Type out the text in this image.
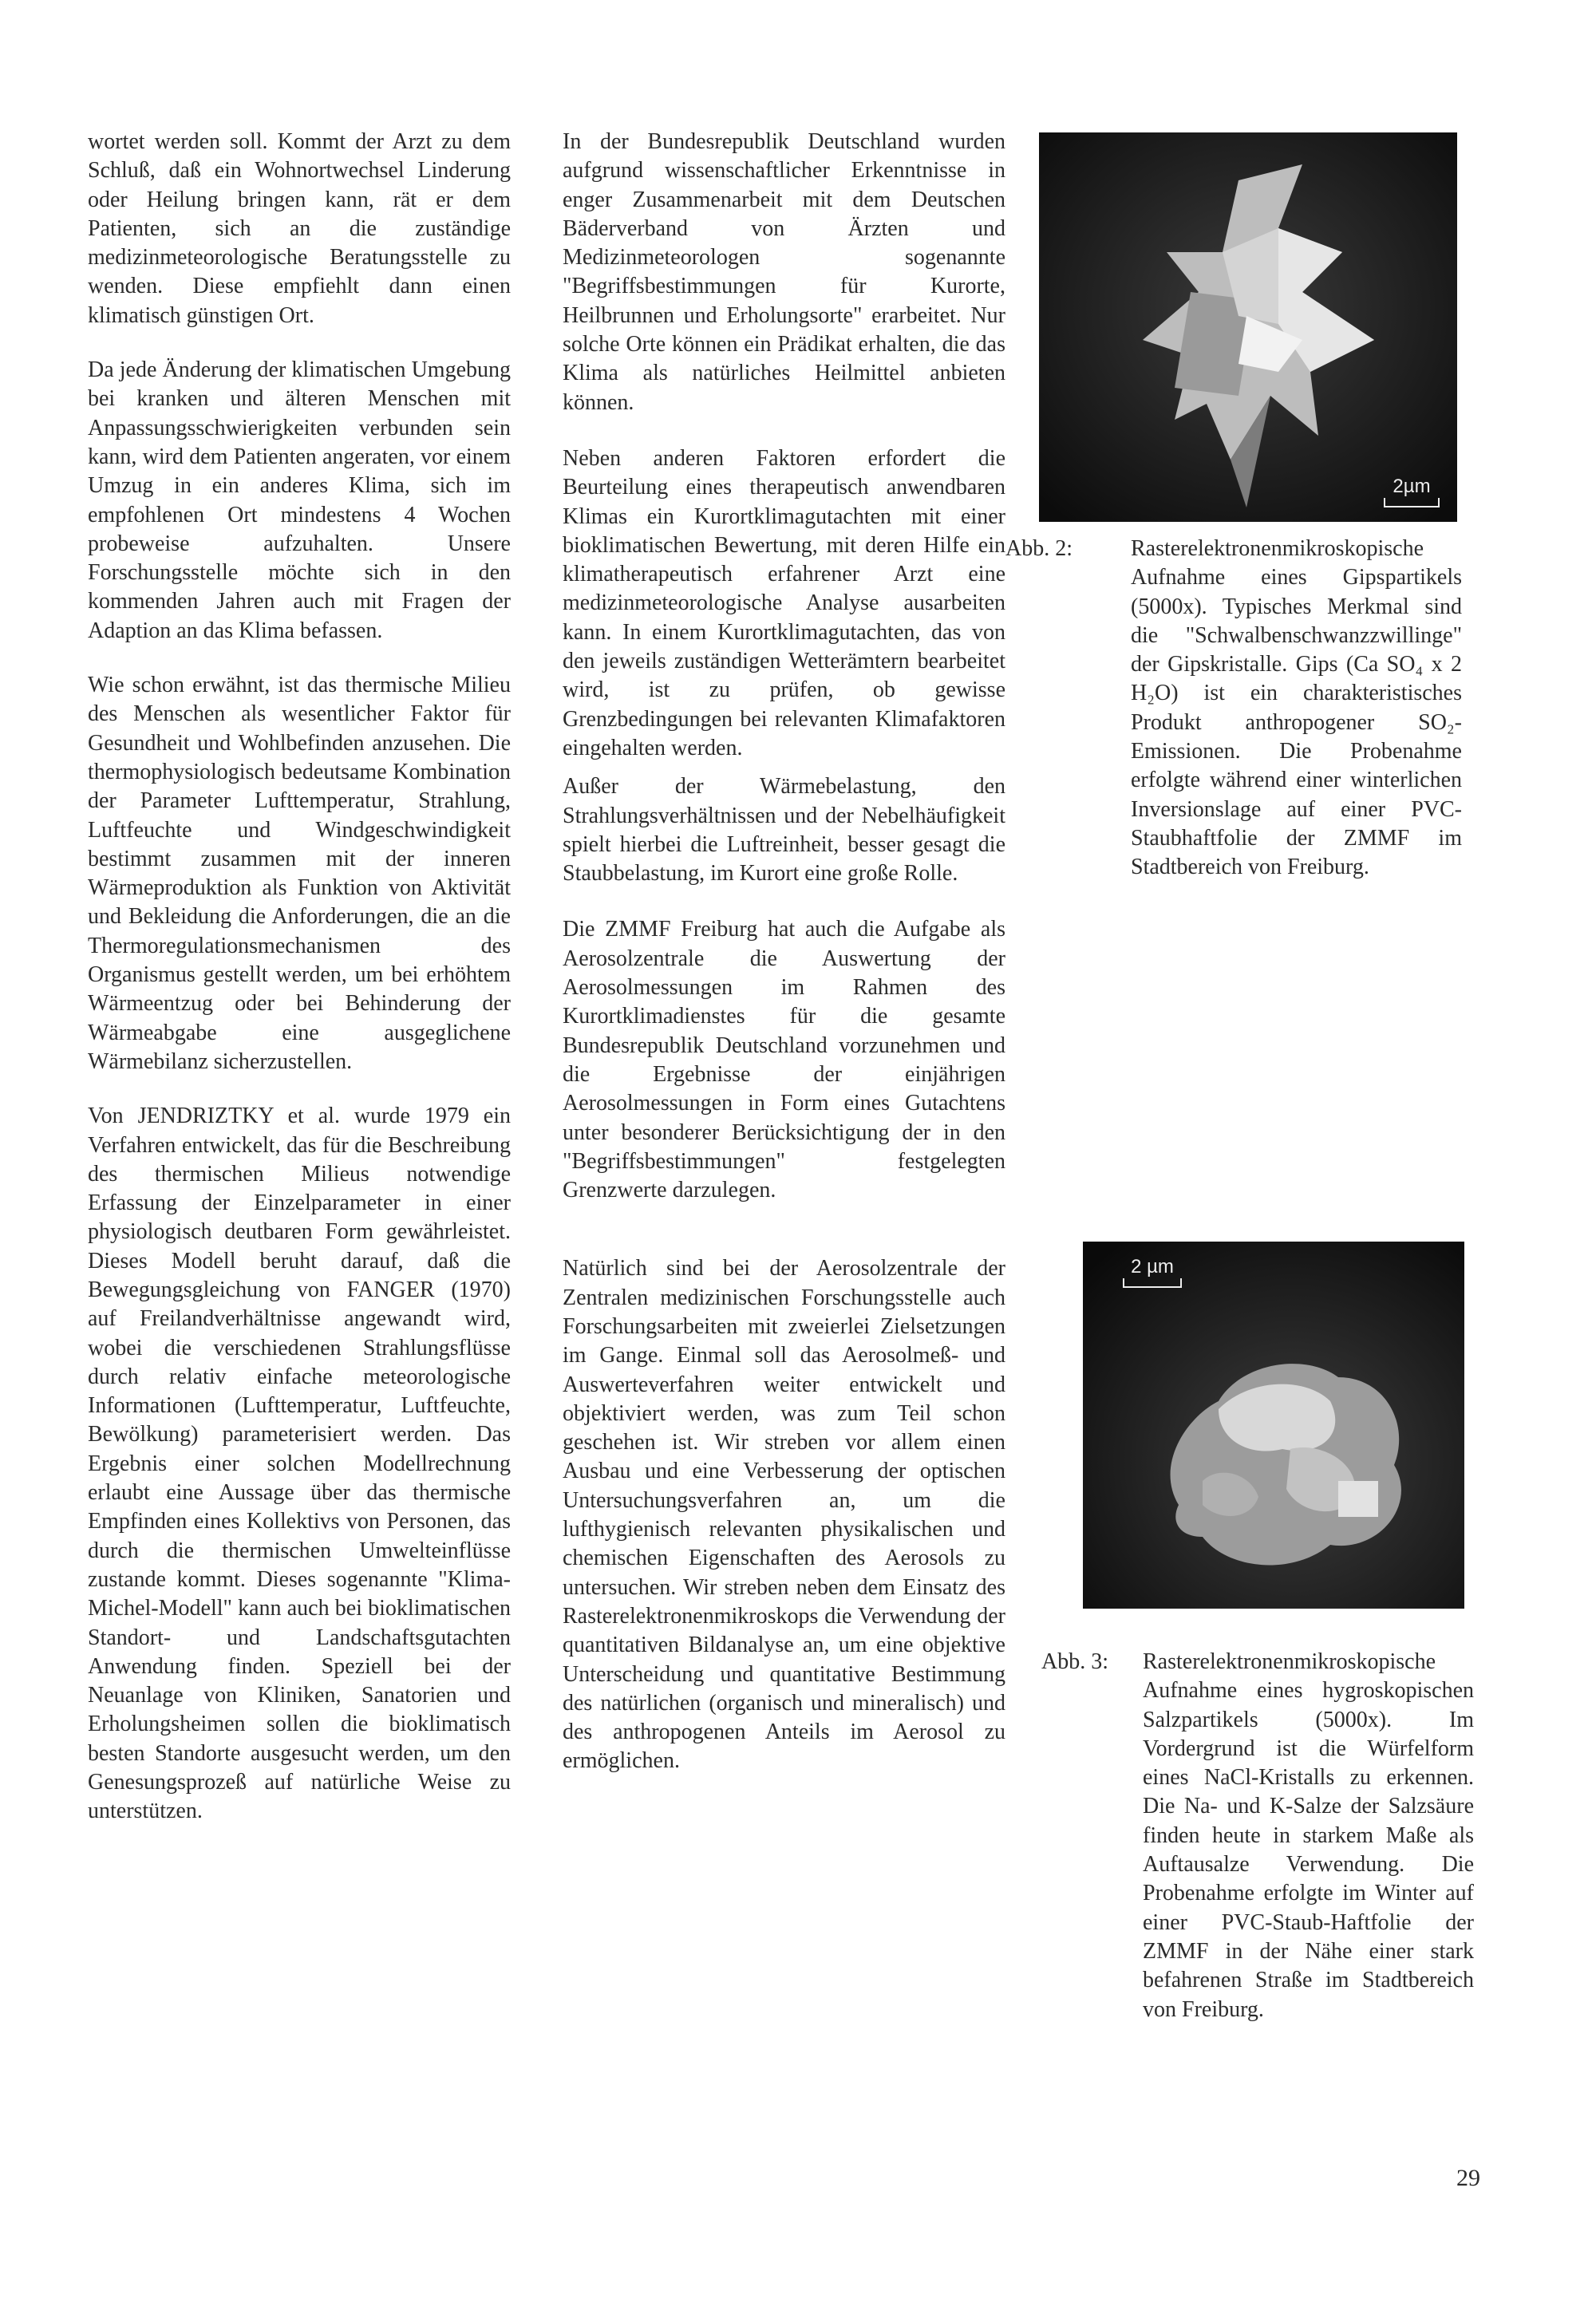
wortet werden soll. Kommt der Arzt zu dem Schluß, daß ein Wohnortwechsel Linderung oder Heilung bringen kann, rät er dem Patienten, sich an die zuständige medizinmeteorologische Beratungsstelle zu wenden. Diese empfiehlt dann einen klimatisch günstigen Ort.

Da jede Änderung der klimatischen Umgebung bei kranken und älteren Menschen mit Anpassungsschwierigkeiten verbunden sein kann, wird dem Patienten angeraten, vor einem Umzug in ein anderes Klima, sich im empfohlenen Ort mindestens 4 Wochen probeweise aufzuhalten. Unsere Forschungsstelle möchte sich in den kommenden Jahren auch mit Fragen der Adaption an das Klima befassen.

Wie schon erwähnt, ist das thermische Milieu des Menschen als wesentlicher Faktor für Gesundheit und Wohlbefinden anzusehen. Die thermophysiologisch bedeutsame Kombination der Parameter Lufttemperatur, Strahlung, Luftfeuchte und Windgeschwindigkeit bestimmt zusammen mit der inneren Wärmeproduktion als Funktion von Aktivität und Bekleidung die Anforderungen, die an die Thermoregulationsmechanismen des Organismus gestellt werden, um bei erhöhtem Wärmeentzug oder bei Behinderung der Wärmeabgabe eine ausgeglichene Wärmebilanz sicherzustellen.

Von JENDRIZTKY et al. wurde 1979 ein Verfahren entwickelt, das für die Beschreibung des thermischen Milieus notwendige Erfassung der Einzelparameter in einer physiologisch deutbaren Form gewährleistet. Dieses Modell beruht darauf, daß die Bewegungsgleichung von FANGER (1970) auf Freilandverhältnisse angewandt wird, wobei die verschiedenen Strahlungsflüsse durch relativ einfache meteorologische Informationen (Lufttemperatur, Luftfeuchte, Bewölkung) parameterisiert werden. Das Ergebnis einer solchen Modellrechnung erlaubt eine Aussage über das thermische Empfinden eines Kollektivs von Personen, das durch die thermischen Umwelteinflüsse zustande kommt. Dieses sogenannte "Klima-Michel-Modell" kann auch bei bioklimatischen Standort- und Landschaftsgutachten Anwendung finden. Speziell bei der Neuanlage von Kliniken, Sanatorien und Erholungsheimen sollen die bioklimatisch besten Standorte ausgesucht werden, um den Genesungsprozeß auf natürliche Weise zu unterstützen.

In der Bundesrepublik Deutschland wurden aufgrund wissenschaftlicher Erkenntnisse in enger Zusammenarbeit mit dem Deutschen Bäderverband von Ärzten und Medizinmeteorologen sogenannte "Begriffsbestimmungen für Kurorte, Heilbrunnen und Erholungsorte" erarbeitet. Nur solche Orte können ein Prädikat erhalten, die das Klima als natürliches Heilmittel anbieten können.

Neben anderen Faktoren erfordert die Beurteilung eines therapeutisch anwendbaren Klimas ein Kurortklimagutachten mit einer bioklimatischen Bewertung, mit deren Hilfe ein klimatherapeutisch erfahrener Arzt eine medizinmeteorologische Analyse ausarbeiten kann. In einem Kurortklimagutachten, das von den jeweils zuständigen Wetterämtern bearbeitet wird, ist zu prüfen, ob gewisse Grenzbedingungen bei relevanten Klimafaktoren eingehalten werden.

Außer der Wärmebelastung, den Strahlungsverhältnissen und der Nebelhäufigkeit spielt hierbei die Luftreinheit, besser gesagt die Staubbelastung, im Kurort eine große Rolle.

Die ZMMF Freiburg hat auch die Aufgabe als Aerosolzentrale die Auswertung der Aerosolmessungen im Rahmen des Kurortklimadienstes für die gesamte Bundesrepublik Deutschland vorzunehmen und die Ergebnisse der einjährigen Aerosolmessungen in Form eines Gutachtens unter besonderer Berücksichtigung der in den "Begriffsbestimmungen" festgelegten Grenzwerte darzulegen.

Natürlich sind bei der Aerosolzentrale der Zentralen medizinischen Forschungsstelle auch Forschungsarbeiten mit zweierlei Zielsetzungen im Gange. Einmal soll das Aerosolmeß- und Auswerteverfahren weiter entwickelt und objektiviert werden, was zum Teil schon geschehen ist. Wir streben vor allem einen Ausbau und eine Verbesserung der optischen Untersuchungsverfahren an, um die lufthygienisch relevanten physikalischen und chemischen Eigenschaften des Aerosols zu untersuchen. Wir streben neben dem Einsatz des Rasterelektronenmikroskops die Verwendung der quantitativen Bildanalyse an, um eine objektive Unterscheidung und quantitative Bestimmung des natürlichen (organisch und mineralisch) und des anthropogenen Anteils im Aerosol zu ermöglichen.

2µm
Abb. 2:	Rasterelektronenmikroskopische Aufnahme eines Gipspartikels (5000x). Typisches Merkmal sind die "Schwalbenschwanzzwillinge" der Gipskristalle. Gips (Ca SO₄ x 2 H₂O) ist ein charakteristisches Produkt anthropogener SO₂-Emissionen. Die Probenahme erfolgte während einer winterlichen Inversionslage auf einer PVC-Staubhaftfolie der ZMMF im Stadtbereich von Freiburg.
2 µm
Abb. 3:	Rasterelektronenmikroskopische Aufnahme eines hygroskopischen Salzpartikels (5000x). Im Vordergrund ist die Würfelform eines NaCl-Kristalls zu erkennen. Die Na- und K-Salze der Salzsäure finden heute in starkem Maße als Auftausalze Verwendung. Die Probenahme erfolgte im Winter auf einer PVC-Staub-Haftfolie der ZMMF in der Nähe einer stark befahrenen Straße im Stadtbereich von Freiburg.
29
